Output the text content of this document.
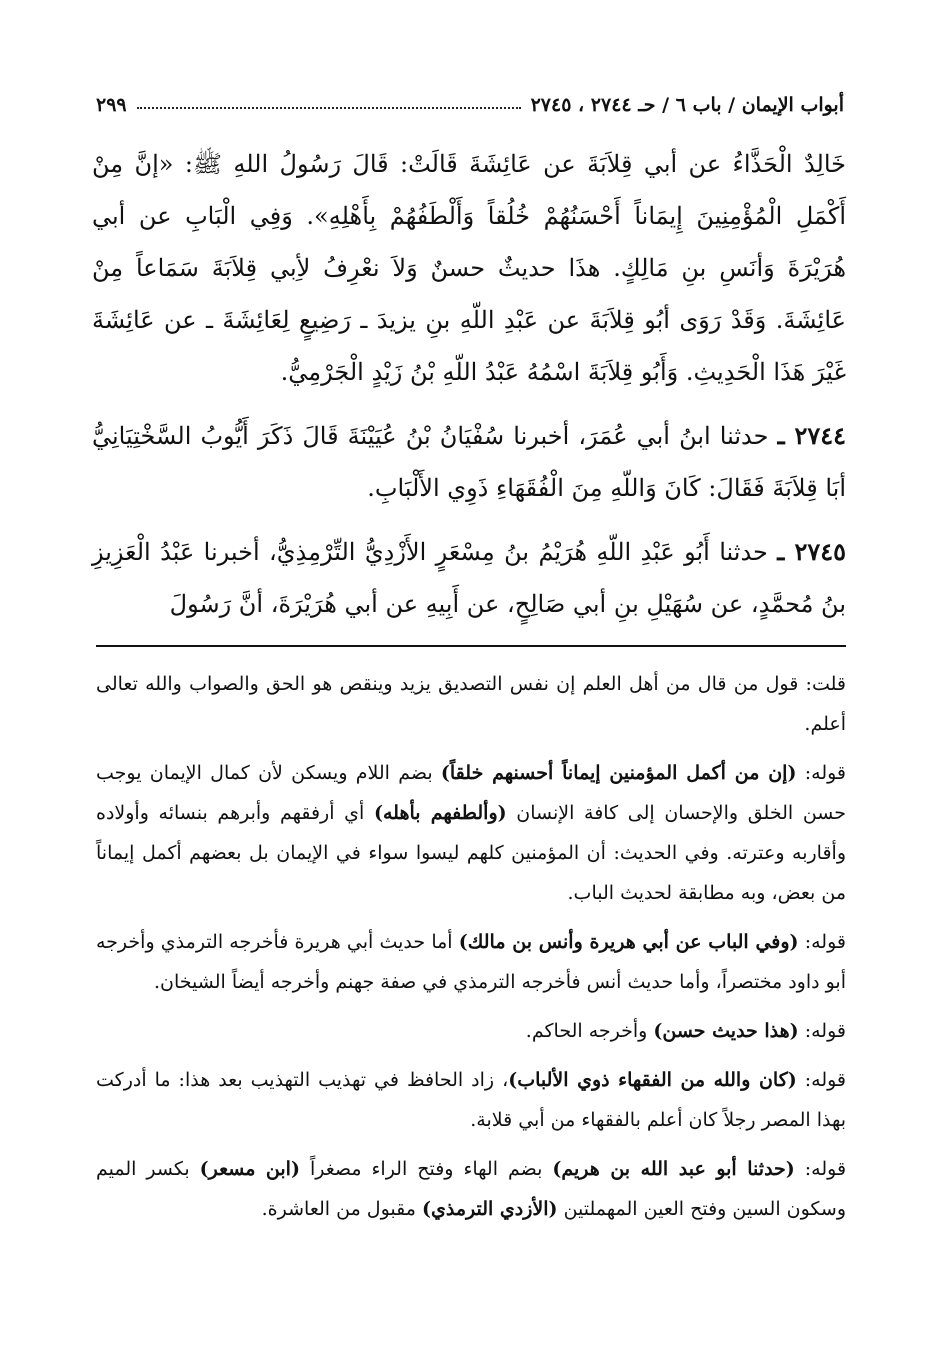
أبواب الإيمان / باب ٦ / حـ ٢٧٤٤ ، ٢٧٤٥
٢٩٩

خَالِدٌ الْحَذَّاءُ عن أبي قِلاَبَةَ عن عَائِشَةَ قَالَتْ: قَالَ رَسُولُ اللهِ ﷺ: «إنَّ مِنْ أَكْمَلِ الْمُؤْمِنِينَ إِيمَاناً أَحْسَنُهُمْ خُلُقاً وَأَلْطَفُهُمْ بِأَهْلِهِ». وَفِي الْبَابِ عن أبي هُرَيْرَةَ وَأنَسِ بنِ مَالِكٍ. هذَا حديثٌ حسنٌ وَلاَ نعْرِفُ لأِبي قِلاَبَةَ سَمَاعاً مِنْ عَائِشَةَ. وَقَدْ رَوَى أبُو قِلاَبَةَ عن عَبْدِ اللّهِ بنِ يزيدَ ـ رَضِيعٍ لِعَائِشَةَ ـ عن عَائِشَةَ غَيْرَ هَذَا الْحَدِيثِ. وَأَبُو قِلاَبَةَ اسْمُهُ عَبْدُ اللّهِ بْنُ زَيْدٍ الْجَرْمِيُّ.

٢٧٤٤ ـ حدثنا ابنُ أبي عُمَرَ، أخبرنا سُفْيَانُ بْنُ عُيَيْنَةَ قَالَ ذَكَرَ أَيُّوبُ السَّخْتِيَانِيُّ أبَا قِلاَبَةَ فَقَالَ: كَانَ وَاللّهِ مِنَ الْفُقَهَاءِ ذَوِي الأَلْبَابِ.

٢٧٤٥ ـ حدثنا أَبُو عَبْدِ اللّهِ هُرَيْمُ بنُ مِسْعَرٍ الأَزْدِيُّ التِّرْمِذِيُّ، أخبرنا عَبْدُ الْعَزِيزِ بنُ مُحمَّدٍ، عن سُهَيْلِ بنِ أبي صَالِحٍ، عن أَبِيهِ عن أبي هُرَيْرَةَ، أنَّ رَسُولَ

قلت: قول من قال من أهل العلم إن نفس التصديق يزيد وينقص هو الحق والصواب والله تعالى أعلم.

قوله: (إن من أكمل المؤمنين إيماناً أحسنهم خلقاً) بضم اللام ويسكن لأن كمال الإيمان يوجب حسن الخلق والإحسان إلى كافة الإنسان (وألطفهم بأهله) أي أرفقهم وأبرهم بنسائه وأولاده وأقاربه وعترته. وفي الحديث: أن المؤمنين كلهم ليسوا سواء في الإيمان بل بعضهم أكمل إيماناً من بعض، وبه مطابقة لحديث الباب.

قوله: (وفي الباب عن أبي هريرة وأنس بن مالك) أما حديث أبي هريرة فأخرجه الترمذي وأخرجه أبو داود مختصراً، وأما حديث أنس فأخرجه الترمذي في صفة جهنم وأخرجه أيضاً الشيخان.

قوله: (هذا حديث حسن) وأخرجه الحاكم.

قوله: (كان والله من الفقهاء ذوي الألباب)، زاد الحافظ في تهذيب التهذيب بعد هذا: ما أدركت بهذا المصر رجلاً كان أعلم بالفقهاء من أبي قلابة.

قوله: (حدثنا أبو عبد الله بن هريم) بضم الهاء وفتح الراء مصغراً (ابن مسعر) بكسر الميم وسكون السين وفتح العين المهملتين (الأزدي الترمذي) مقبول من العاشرة.
